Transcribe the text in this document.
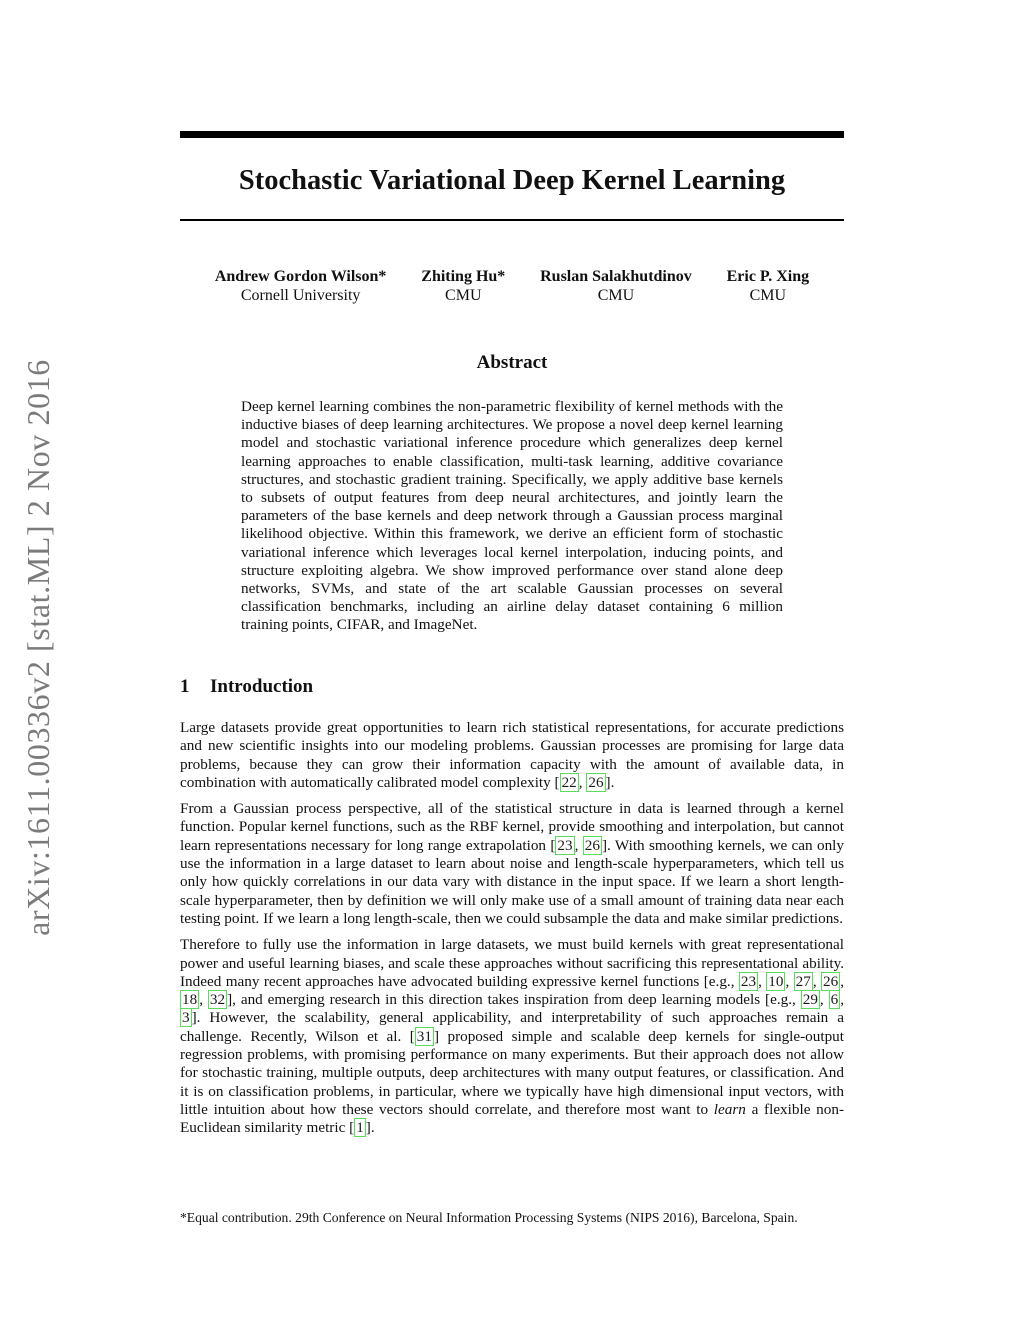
arXiv:1611.00336v2 [stat.ML] 2 Nov 2016
Stochastic Variational Deep Kernel Learning
Andrew Gordon Wilson*
Cornell University
Zhiting Hu*
CMU
Ruslan Salakhutdinov
CMU
Eric P. Xing
CMU
Abstract

Deep kernel learning combines the non-parametric flexibility of kernel methods with the inductive biases of deep learning architectures. We propose a novel deep kernel learning model and stochastic variational inference procedure which generalizes deep kernel learning approaches to enable classification, multi-task learning, additive covariance structures, and stochastic gradient training. Specifically, we apply additive base kernels to subsets of output features from deep neural architectures, and jointly learn the parameters of the base kernels and deep network through a Gaussian process marginal likelihood objective. Within this framework, we derive an efficient form of stochastic variational inference which leverages local kernel interpolation, inducing points, and structure exploiting algebra. We show improved performance over stand alone deep networks, SVMs, and state of the art scalable Gaussian processes on several classification benchmarks, including an airline delay dataset containing 6 million training points, CIFAR, and ImageNet.

1 Introduction

Large datasets provide great opportunities to learn rich statistical representations, for accurate predictions and new scientific insights into our modeling problems. Gaussian processes are promising for large data problems, because they can grow their information capacity with the amount of available data, in combination with automatically calibrated model complexity [ 22 , 26 ].

From a Gaussian process perspective, all of the statistical structure in data is learned through a kernel function. Popular kernel functions, such as the RBF kernel, provide smoothing and interpolation, but cannot learn representations necessary for long range extrapolation [ 23 , 26 ]. With smoothing kernels, we can only use the information in a large dataset to learn about noise and length-scale hyperparameters, which tell us only how quickly correlations in our data vary with distance in the input space. If we learn a short length-scale hyperparameter, then by definition we will only make use of a small amount of training data near each testing point. If we learn a long length-scale, then we could subsample the data and make similar predictions.

Therefore to fully use the information in large datasets, we must build kernels with great representational power and useful learning biases, and scale these approaches without sacrificing this representational ability. Indeed many recent approaches have advocated building expressive kernel functions [e.g., 23 , 10 , 27 , 26 , 18 , 32 ], and emerging research in this direction takes inspiration from deep learning models [e.g., 29 , 6 , 3 ]. However, the scalability, general applicability, and interpretability of such approaches remain a challenge. Recently, Wilson et al. [ 31 ] proposed simple and scalable deep kernels for single-output regression problems, with promising performance on many experiments. But their approach does not allow for stochastic training, multiple outputs, deep architectures with many output features, or classification. And it is on classification problems, in particular, where we typically have high dimensional input vectors, with little intuition about how these vectors should correlate, and therefore most want to learn a flexible non-Euclidean similarity metric [ 1 ].

*Equal contribution. 29th Conference on Neural Information Processing Systems (NIPS 2016), Barcelona, Spain.
